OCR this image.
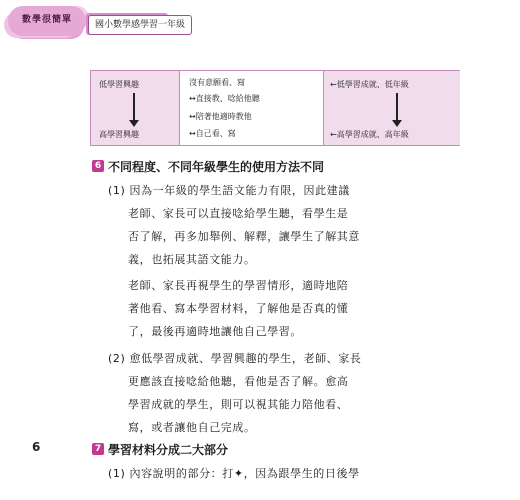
數學很簡單	國小數學感學習一年級
低學習興趣
高學習興趣
沒有意願看、寫
↔直接教、唸給他聽
↔陪著他適時教他
↔自己看、寫
←低學習成就、低年級
←高學習成就、高年級
6 不同程度、不同年級學生的使用方法不同
(1) 因為一年級的學生語文能力有限，因此建議
老師、家長可以直接唸給學生聽，看學生是
否了解，再多加舉例、解釋，讓學生了解其意
義，也拓展其語文能力。
老師、家長再視學生的學習情形，適時地陪
著他看、寫本學習材料，了解他是否真的懂
了，最後再適時地讓他自己學習。
(2) 愈低學習成就、學習興趣的學生，老師、家長
更應該直接唸給他聽，看他是否了解。愈高
學習成就的學生，則可以視其能力陪他看、
寫，或者讓他自己完成。
7 學習材料分成二大部分
(1) 內容說明的部分：打✦，因為跟學生的日後學
6
